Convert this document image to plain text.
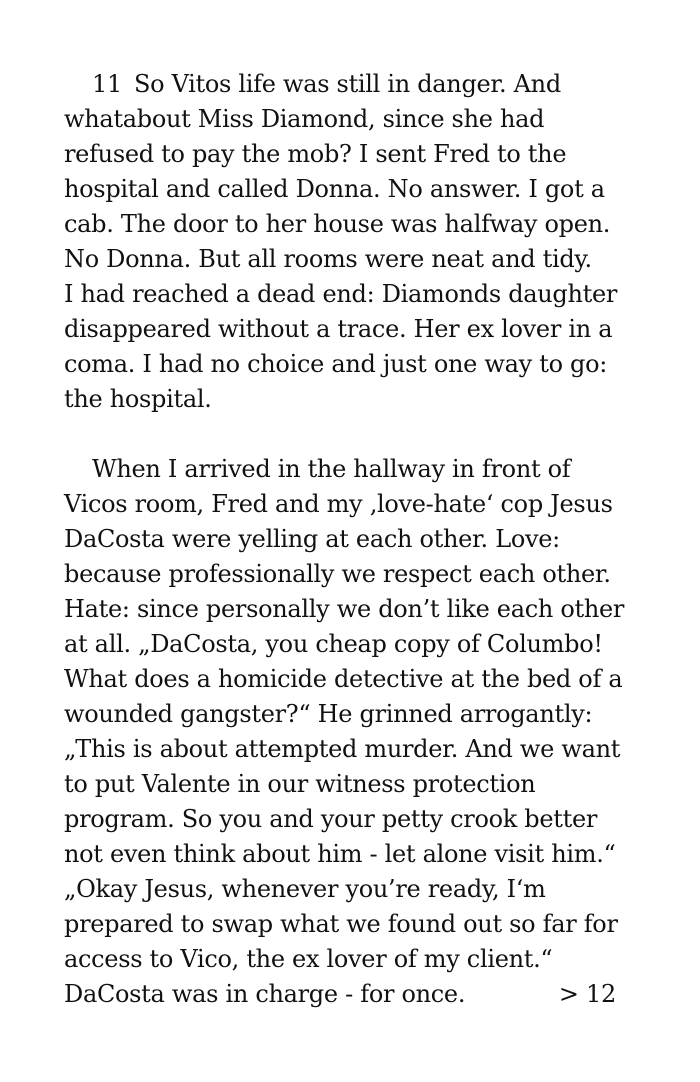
11 So Vitos life was still in danger. And
whatabout Miss Diamond, since she had
refused to pay the mob? I sent Fred to the
hospital and called Donna. No answer. I got a
cab. The door to her house was halfway open.
No Donna. But all rooms were neat and tidy.
I had reached a dead end: Diamonds daughter
disappeared without a trace. Her ex lover in a
coma. I had no choice and just one way to go:
the hospital.
When I arrived in the hallway in front of
Vicos room, Fred and my ‚love-hate‘ cop Jesus
DaCosta were yelling at each other. Love:
because professionally we respect each other.
Hate: since personally we don’t like each other
at all. „DaCosta, you cheap copy of Columbo!
What does a homicide detective at the bed of a
wounded gangster?“ He grinned arrogantly:
„This is about attempted murder. And we want
to put Valente in our witness protection
program. So you and your petty crook better
not even think about him - let alone visit him.“
„Okay Jesus, whenever you’re ready, I‘m
prepared to swap what we found out so far for
access to Vico, the ex lover of my client.“
DaCosta was in charge - for once.	> 12
